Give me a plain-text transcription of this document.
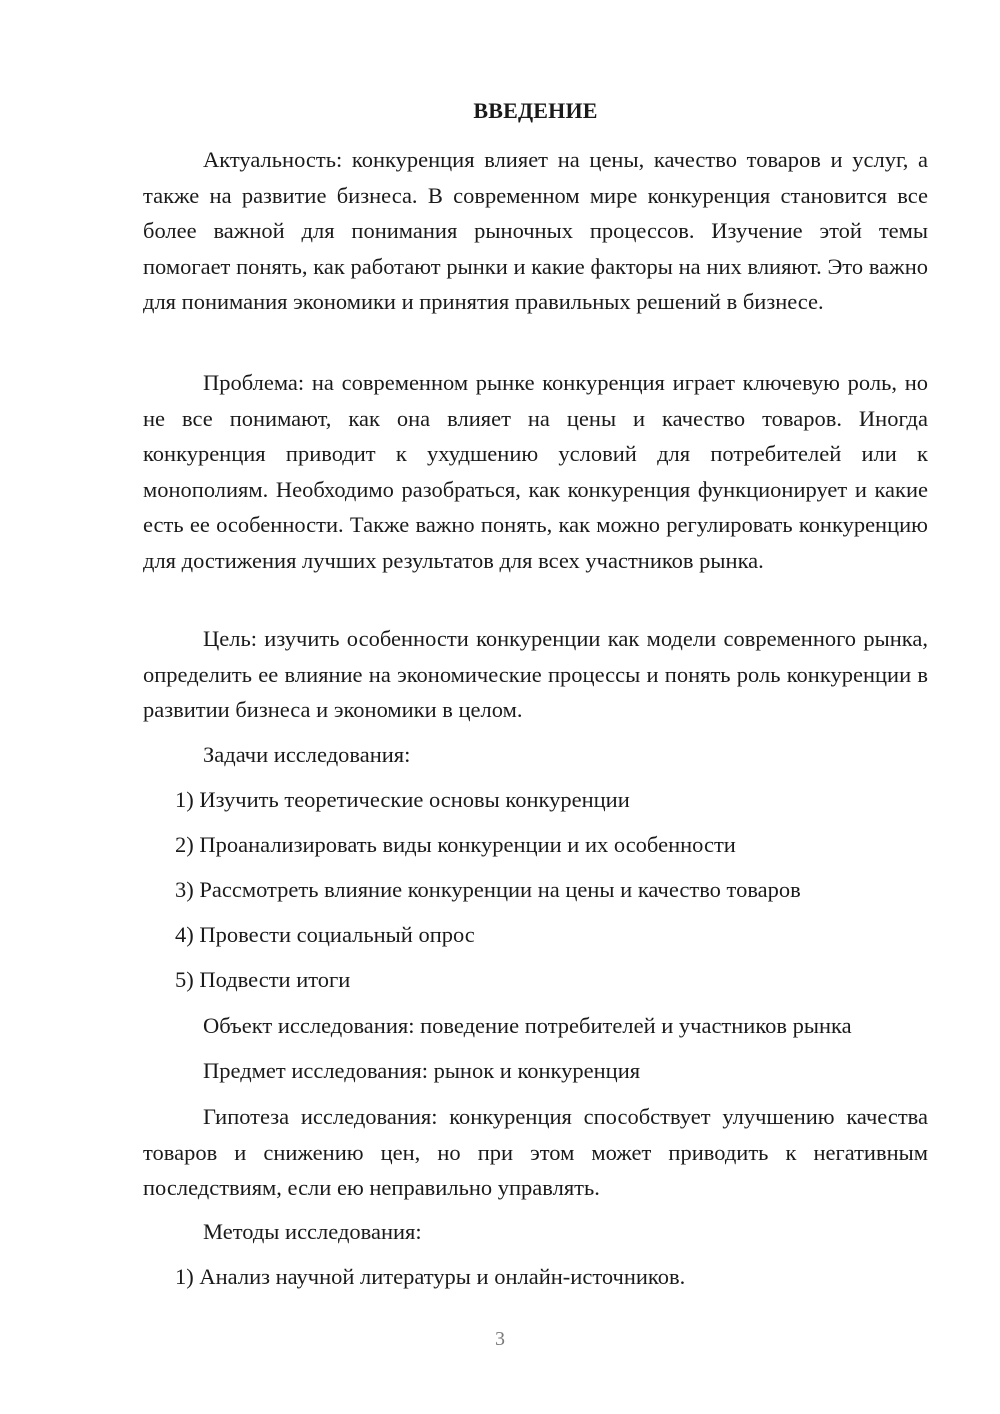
ВВЕДЕНИЕ

Актуальность: конкуренция влияет на цены, качество товаров и услуг, а также на развитие бизнеса. В современном мире конкуренция становится все более важной для понимания рыночных процессов. Изучение этой темы помогает понять, как работают рынки и какие факторы на них влияют. Это важно для понимания экономики и принятия правильных решений в бизнесе.

Проблема: на современном рынке конкуренция играет ключевую роль, но не все понимают, как она влияет на цены и качество товаров. Иногда конкуренция приводит к ухудшению условий для потребителей или к монополиям. Необходимо разобраться, как конкуренция функционирует и какие есть ее особенности. Также важно понять, как можно регулировать конкуренцию для достижения лучших результатов для всех участников рынка.

Цель: изучить особенности конкуренции как модели современного рынка, определить ее влияние на экономические процессы и понять роль конкуренции в развитии бизнеса и экономики в целом.

Задачи исследования:

1) Изучить теоретические основы конкуренции

2) Проанализировать виды конкуренции и их особенности

3) Рассмотреть влияние конкуренции на цены и качество товаров

4) Провести социальный опрос

5) Подвести итоги

Объект исследования: поведение потребителей и участников рынка

Предмет исследования: рынок и конкуренция

Гипотеза исследования: конкуренция способствует улучшению качества товаров и снижению цен, но при этом может приводить к негативным последствиям, если ею неправильно управлять.

Методы исследования:

1) Анализ научной литературы и онлайн-источников.

3
